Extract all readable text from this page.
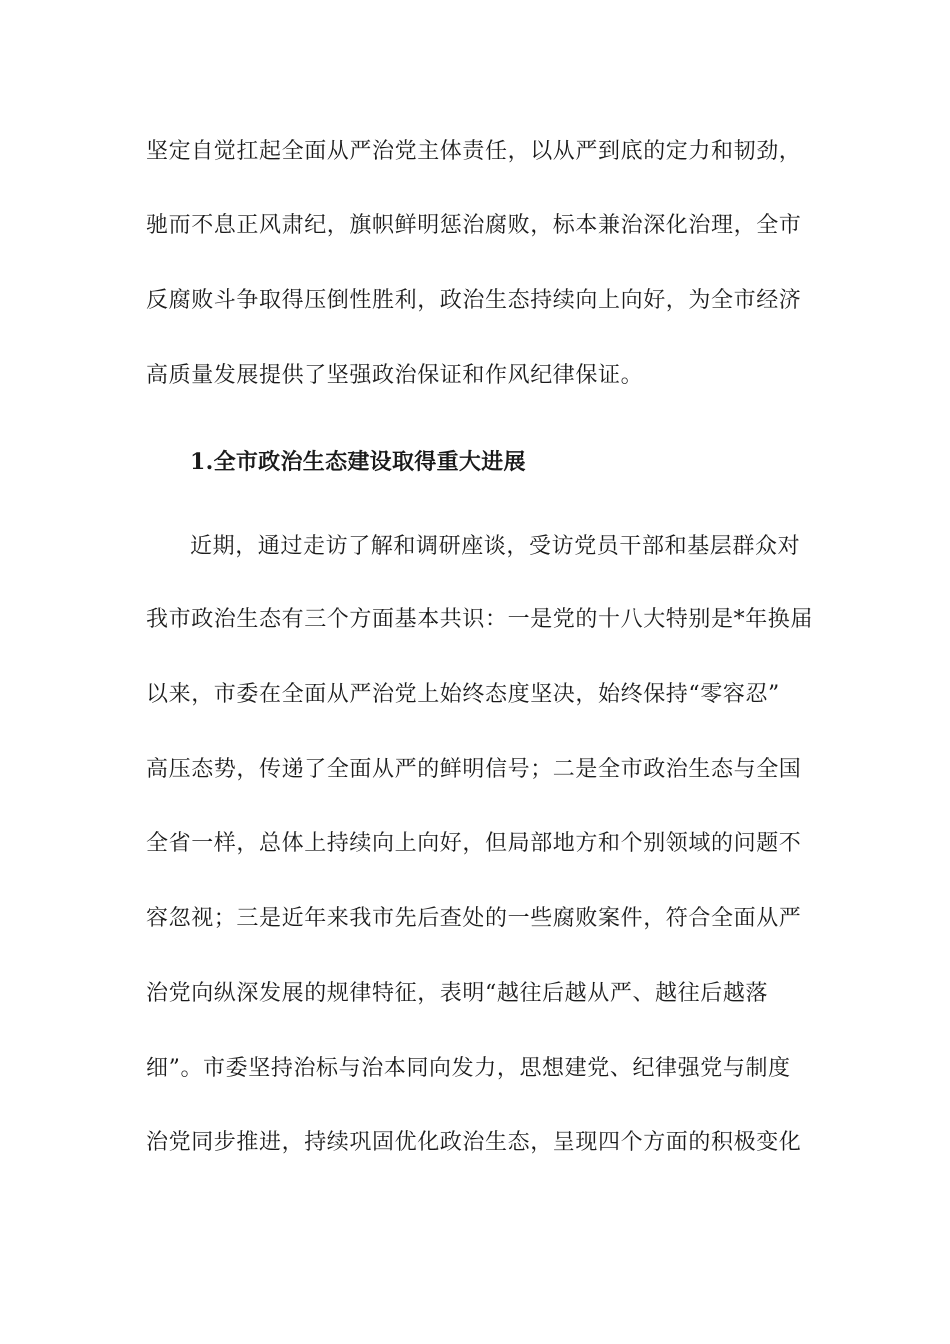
坚定自觉扛起全面从严治党主体责任，以从严到底的定力和韧劲，
驰而不息正风肃纪，旗帜鲜明惩治腐败，标本兼治深化治理，全市
反腐败斗争取得压倒性胜利，政治生态持续向上向好，为全市经济
高质量发展提供了坚强政治保证和作风纪律保证。
1.全市政治生态建设取得重大进展
近期，通过走访了解和调研座谈，受访党员干部和基层群众对
我市政治生态有三个方面基本共识：一是党的十八大特别是*年换届
以来，市委在全面从严治党上始终态度坚决，始终保持“零容忍”
高压态势，传递了全面从严的鲜明信号；二是全市政治生态与全国
全省一样，总体上持续向上向好，但局部地方和个别领域的问题不
容忽视；三是近年来我市先后查处的一些腐败案件，符合全面从严
治党向纵深发展的规律特征，表明“越往后越从严、越往后越落
细”。市委坚持治标与治本同向发力，思想建党、纪律强党与制度
治党同步推进，持续巩固优化政治生态，呈现四个方面的积极变化
